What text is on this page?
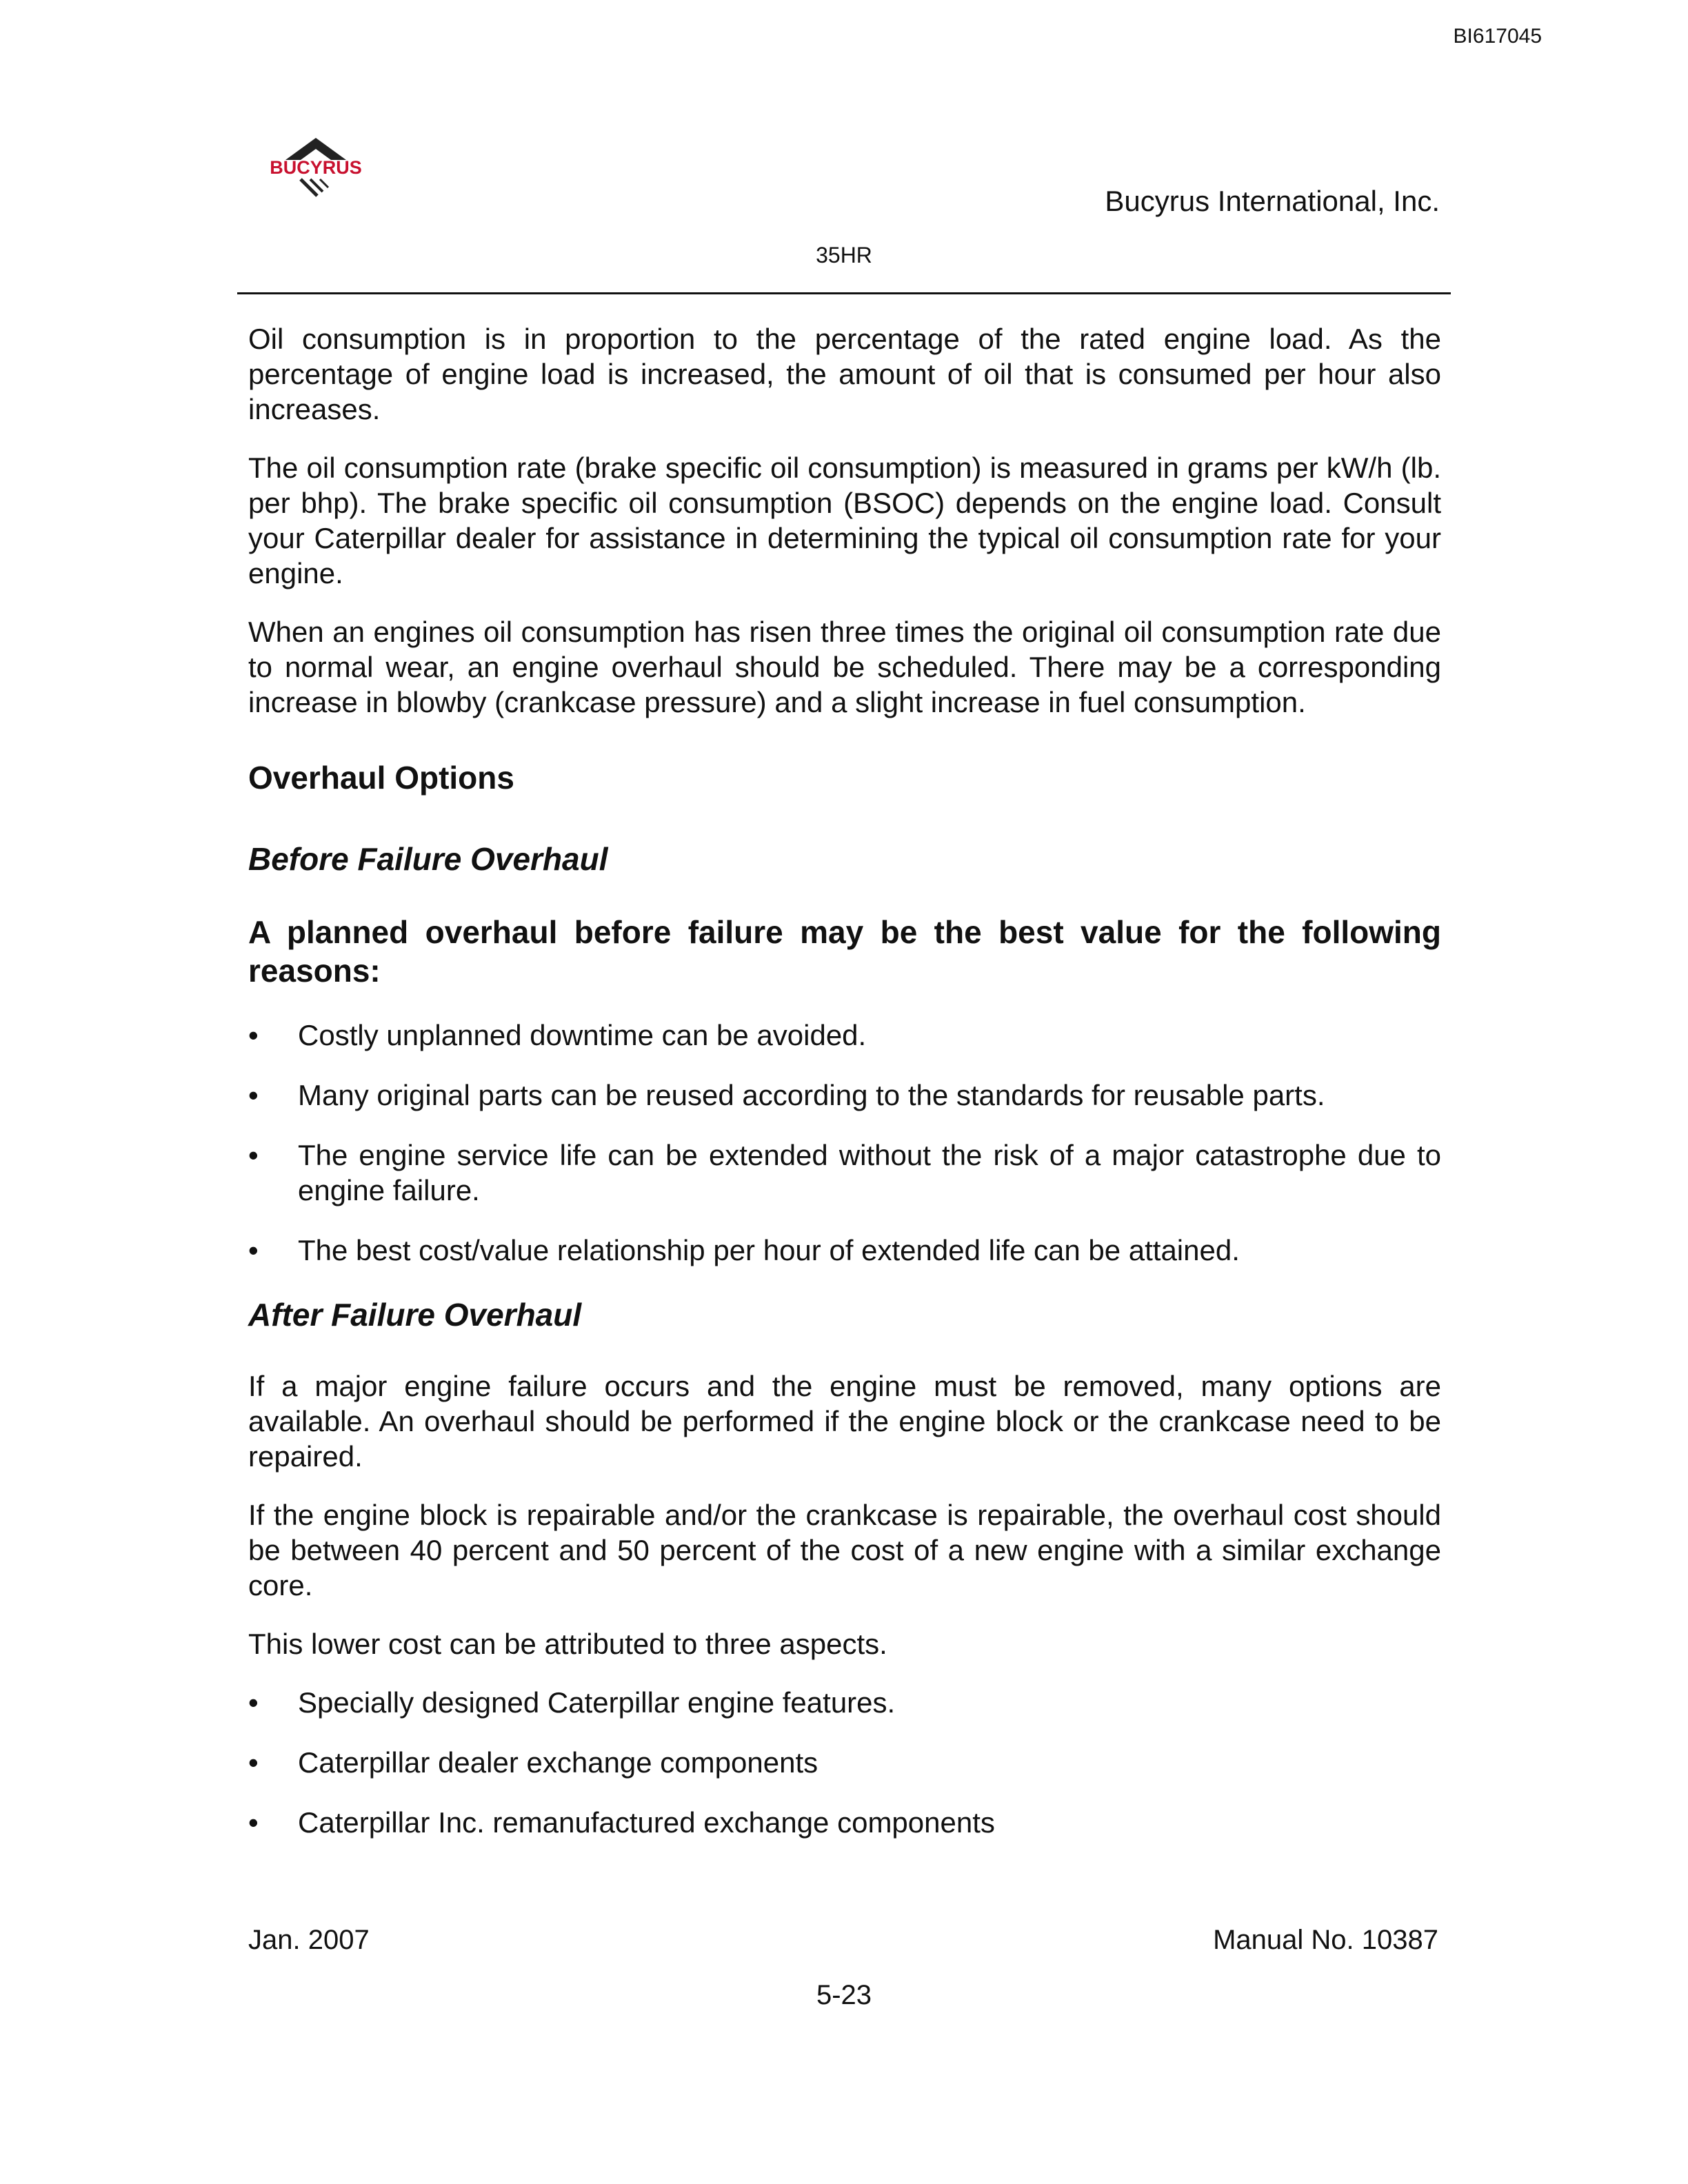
BI617045
BUCYRUS
Bucyrus International, Inc.
35HR

Oil consumption is in proportion to the percentage of the rated engine load. As the percentage of engine load is increased, the amount of oil that is consumed per hour also increases.

The oil consumption rate (brake specific oil consumption) is measured in grams per kW/h (lb. per bhp). The brake specific oil consumption (BSOC) depends on the engine load. Consult your Caterpillar dealer for assistance in determining the typical oil consumption rate for your engine.

When an engines oil consumption has risen three times the original oil consumption rate due to normal wear, an engine overhaul should be scheduled. There may be a corresponding increase in blowby (crankcase pressure) and a slight increase in fuel consumption.

Overhaul Options
Before Failure Overhaul
A planned overhaul before failure may be the best value for the following reasons:
•	Costly unplanned downtime can be avoided.
•	Many original parts can be reused according to the standards for reusable parts.
•	The engine service life can be extended without the risk of a major catastrophe due to engine failure.
•	The best cost/value relationship per hour of extended life can be attained.
After Failure Overhaul

If a major engine failure occurs and the engine must be removed, many options are available. An overhaul should be performed if the engine block or the crankcase need to be repaired.

If the engine block is repairable and/or the crankcase is repairable, the overhaul cost should be between 40 percent and 50 percent of the cost of a new engine with a similar exchange core.

This lower cost can be attributed to three aspects.

•	Specially designed Caterpillar engine features.
•	Caterpillar dealer exchange components
•	Caterpillar Inc. remanufactured exchange components
Jan. 2007	Manual No. 10387
5-23
